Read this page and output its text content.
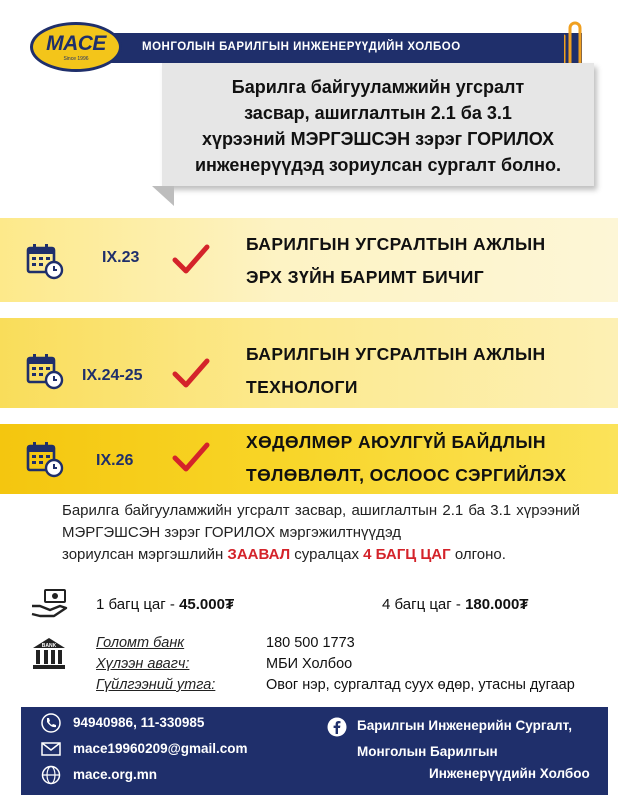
МОНГОЛЫН БАРИЛГЫН ИНЖЕНЕРҮҮДИЙН ХОЛБОО
MACE
Since 1996
Барилга байгууламжийн угсралт
засвар, ашиглалтын 2.1 ба 3.1
хүрээний МЭРГЭШСЭН зэрэг ГОРИЛОХ
инженерүүдэд зориулсан сургалт болно.
IX.23
БАРИЛГЫН УГСРАЛТЫН АЖЛЫН
ЭРХ ЗҮЙН БАРИМТ БИЧИГ
IX.24-25
БАРИЛГЫН УГСРАЛТЫН АЖЛЫН
ТЕХНОЛОГИ
IX.26
ХӨДӨЛМӨР АЮУЛГҮЙ БАЙДЛЫН
ТӨЛӨВЛӨЛТ, ОСЛООС СЭРГИЙЛЭХ
Барилга байгууламжийн угсралт засвар, ашиглалтын 2.1 ба 3.1 хүрээний МЭРГЭШСЭН зэрэг ГОРИЛОХ мэргэжилтнүүдэд
зориулсан мэргэшлийн ЗААВАЛ суралцах 4 БАГЦ ЦАГ олгоно.
1 багц цаг - 45.000₮	4 багц цаг - 180.000₮
BANK	Голомт банк	180 500 1773
Хүлээн авагч:	МБИ Холбоо
Гүйлгээний утга:	Овог нэр, сургалтад суух өдөр, утасны дугаар
94940986, 11-330985
mace19960209@gmail.com
mace.org.mn
Барилгын Инженерийн Сургалт,
Монголын Барилгын
Инженерүүдийн Холбоо
